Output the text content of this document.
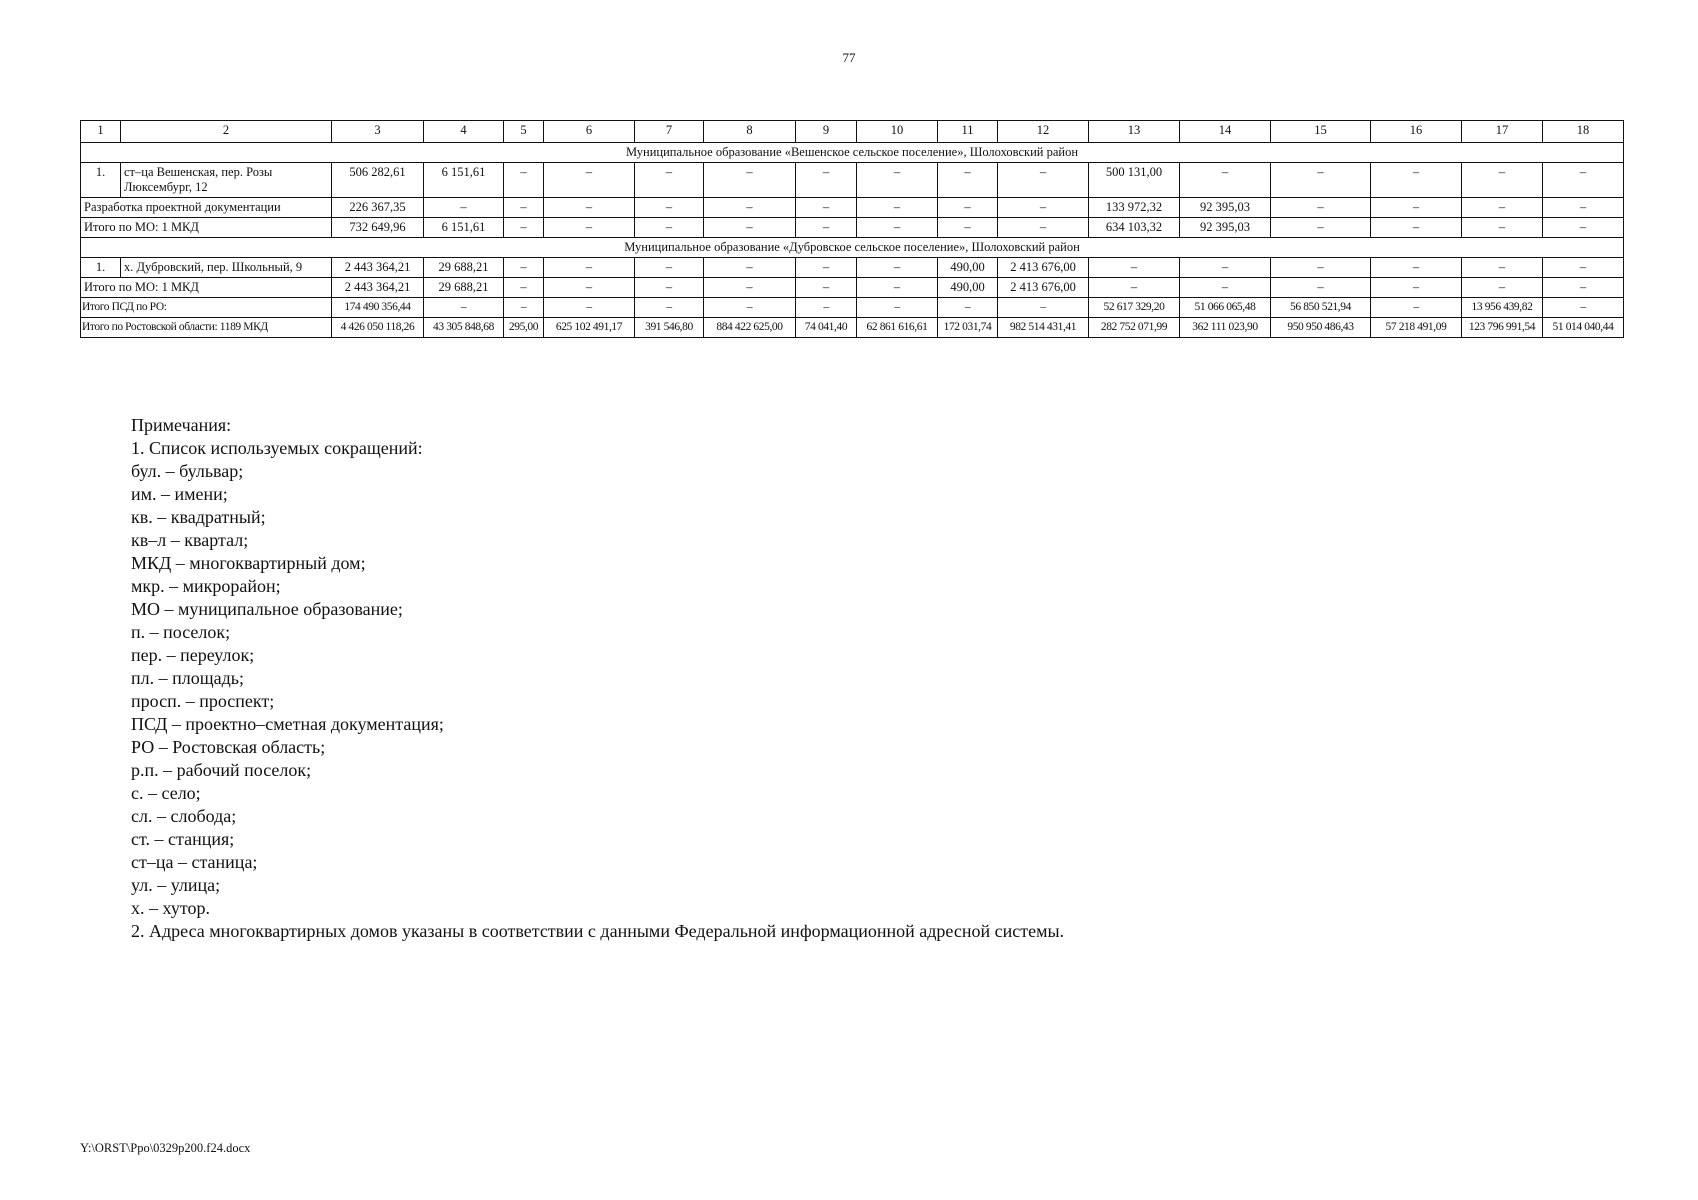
77
1	2	3	4	5	6	7	8	9	10	11	12	13	14	15	16	17	18
Муниципальное образование «Вешенское сельское поселение», Шолоховский район																	
1.	ст–ца Вешенская, пер. Розы Люксембург, 12	506 282,61	6 151,61	–	–	–	–	–	–	–	–	500 131,00	–	–	–	–	–
Разработка проектной документации		226 367,35	–	–	–	–	–	–	–	–	–	133 972,32	92 395,03	–	–	–	–
Итого по МО: 1 МКД		732 649,96	6 151,61	–	–	–	–	–	–	–	–	634 103,32	92 395,03	–	–	–	–
Муниципальное образование «Дубровское сельское поселение», Шолоховский район																	
1.	х. Дубровский, пер. Школьный, 9	2 443 364,21	29 688,21	–	–	–	–	–	–	490,00	2 413 676,00	–	–	–	–	–	–
Итого по МО: 1 МКД		2 443 364,21	29 688,21	–	–	–	–	–	–	490,00	2 413 676,00	–	–	–	–	–	–
Итого ПСД по РО:		174 490 356,44	–	–	–	–	–	–	–	–	–	52 617 329,20	51 066 065,48	56 850 521,94	–	13 956 439,82	–
Итого по Ростовской области: 1189 МКД		4 426 050 118,26	43 305 848,68	295,00	625 102 491,17	391 546,80	884 422 625,00	74 041,40	62 861 616,61	172 031,74	982 514 431,41	282 752 071,99	362 111 023,90	950 950 486,43	57 218 491,09	123 796 991,54	51 014 040,44
Примечания:
1. Список используемых сокращений:
бул. – бульвар;
им. – имени;
кв. – квадратный;
кв–л – квартал;
МКД – многоквартирный дом;
мкр. – микрорайон;
МО – муниципальное образование;
п. – поселок;
пер. – переулок;
пл. – площадь;
просп. – проспект;
ПСД – проектно–сметная документация;
РО – Ростовская область;
р.п. – рабочий поселок;
с. – село;
сл. – слобода;
ст. – станция;
ст–ца – станица;
ул. – улица;
х. – хутор.
2. Адреса многоквартирных домов указаны в соответствии с данными Федеральной информационной адресной системы.
Y:\ORST\Ppo\0329p200.f24.docx
